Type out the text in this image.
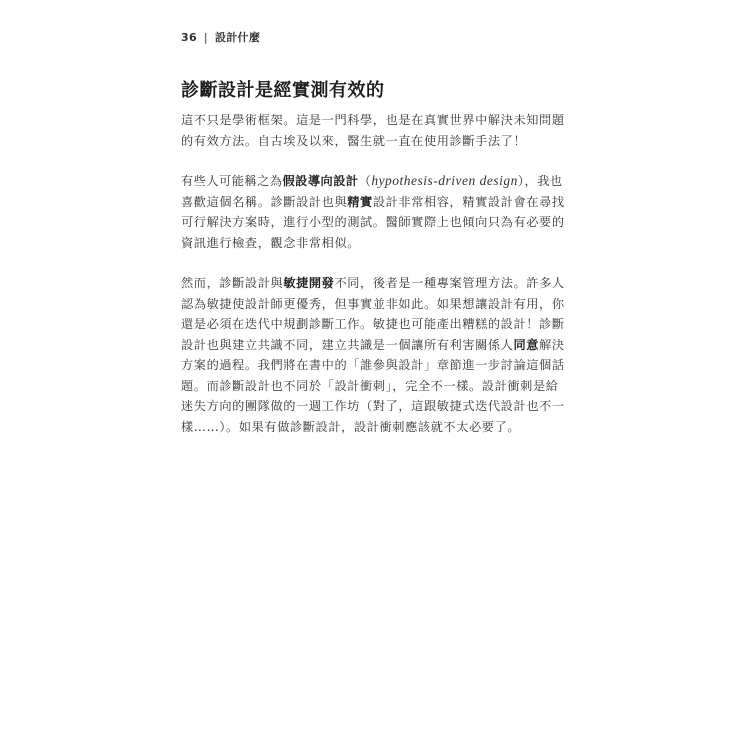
36 | 設計什麼
診斷設計是經實測有效的

這不只是學術框架。這是一門科學，也是在真實世界中解決未知問題
的有效方法。自古埃及以來，醫生就一直在使用診斷手法了！

有些人可能稱之為假設導向設計（hypothesis-driven design），我也
喜歡這個名稱。診斷設計也與精實設計非常相容，精實設計會在尋找
可行解決方案時，進行小型的測試。醫師實際上也傾向只為有必要的
資訊進行檢查，觀念非常相似。

然而，診斷設計與敏捷開發不同，後者是一種專案管理方法。許多人
認為敏捷使設計師更優秀，但事實並非如此。如果想讓設計有用，你
還是必須在迭代中規劃診斷工作。敏捷也可能產出糟糕的設計！診斷
設計也與建立共識不同，建立共識是一個讓所有利害關係人同意解決
方案的過程。我們將在書中的「誰參與設計」章節進一步討論這個話
題。而診斷設計也不同於「設計衝刺」，完全不一樣。設計衝刺是給
迷失方向的團隊做的一週工作坊（對了，這跟敏捷式迭代設計也不一
樣……）。如果有做診斷設計，設計衝刺應該就不太必要了。
